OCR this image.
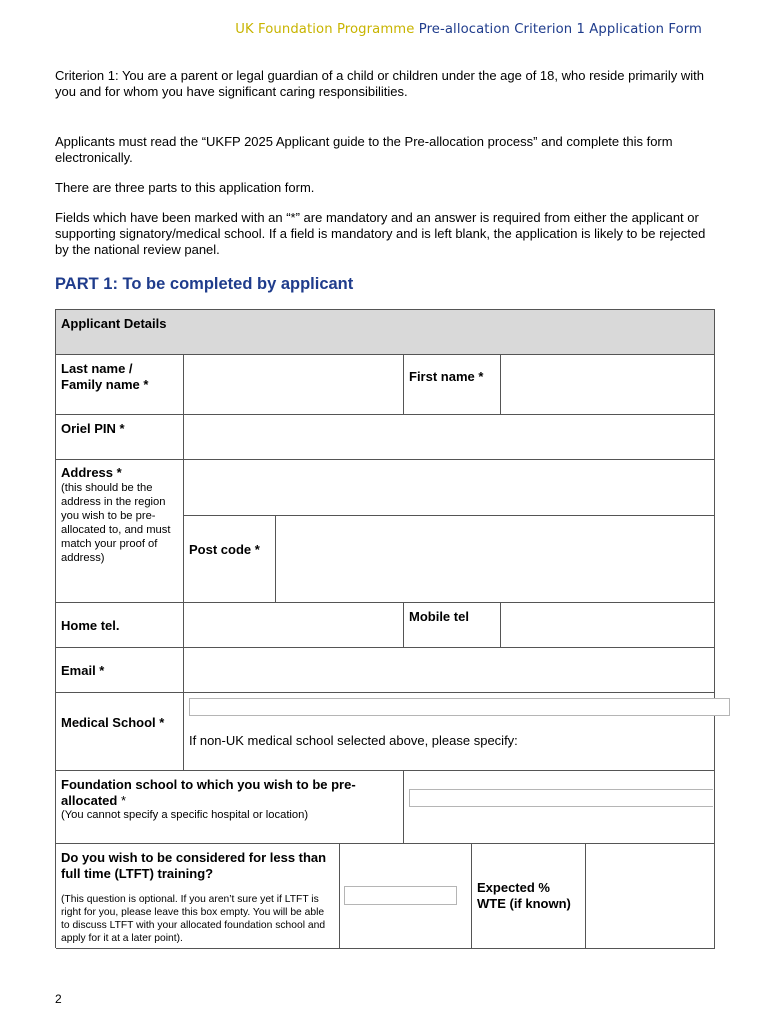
UK Foundation Programme Pre-allocation Criterion 1 Application Form

Criterion 1: You are a parent or legal guardian of a child or children under the age of 18, who reside primarily with you and for whom you have significant caring responsibilities.

Applicants must read the “UKFP 2025 Applicant guide to the Pre-allocation process” and complete this form electronically.

There are three parts to this application form.

Fields which have been marked with an “*” are mandatory and an answer is required from either the applicant or supporting signatory/medical school. If a field is mandatory and is left blank, the application is likely to be rejected by the national review panel.

PART 1: To be completed by applicant
Applicant Details
Last name /
Family name *
First name *
Oriel PIN *
Address *
(this should be the address in the region you wish to be pre-allocated to, and must match your proof of address)
Post code *
Home tel.
Mobile tel
Email *
Medical School *
If non-UK medical school selected above, please specify:
Foundation school to which you wish to be pre-allocated *
(You cannot specify a specific hospital or location)
Do you wish to be considered for less than full time (LTFT) training?
(This question is optional. If you aren’t sure yet if LTFT is right for you, please leave this box empty. You will be able to discuss LTFT with your allocated foundation school and apply for it at a later point).
Expected % WTE (if known)
2
